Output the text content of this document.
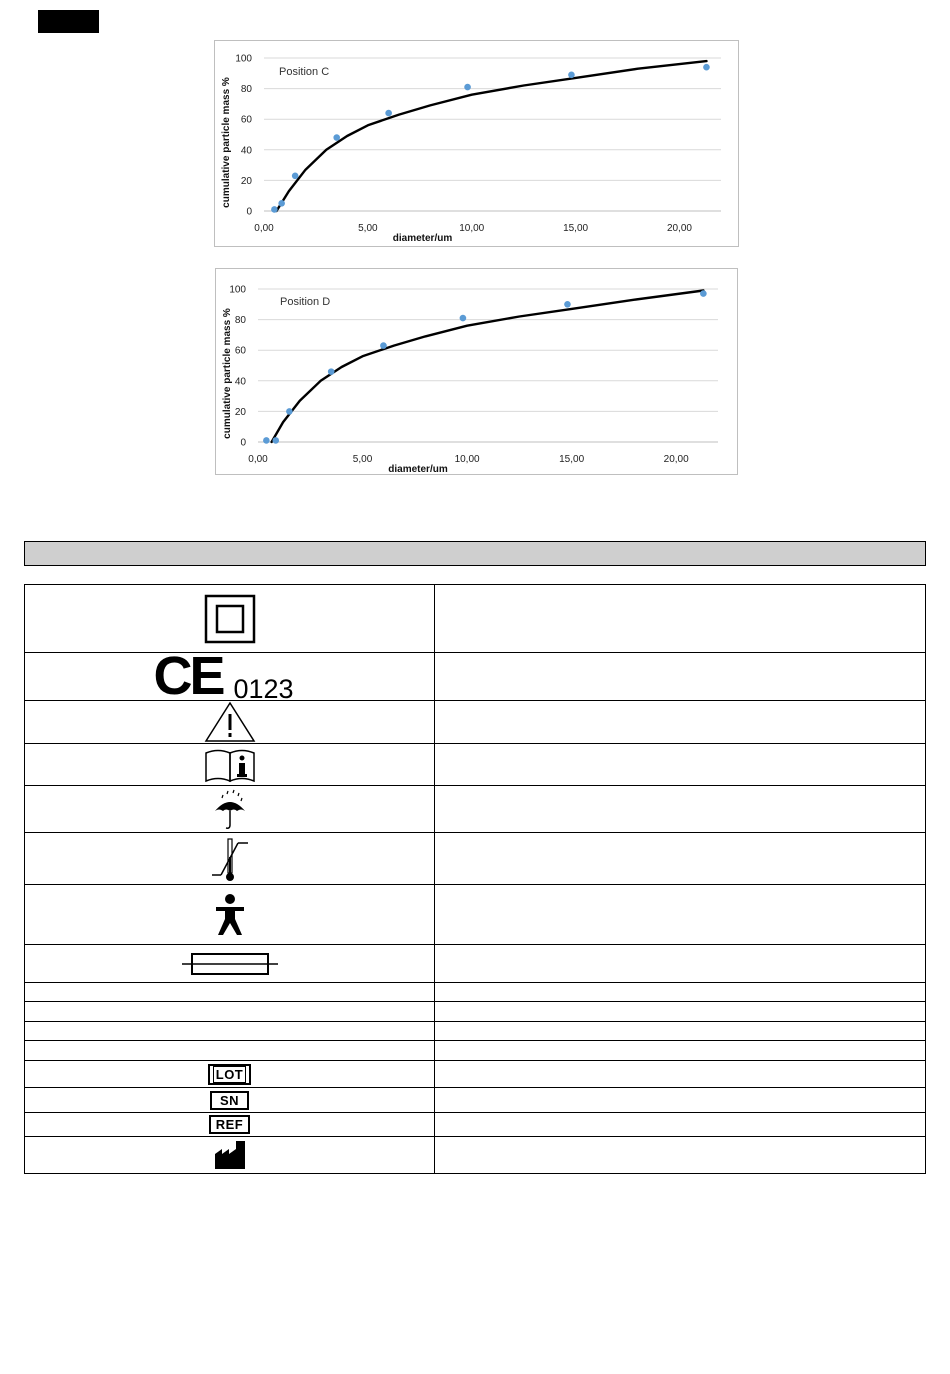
0
20
40
60
80
100
0,00	5,00	10,00	15,00	20,00
diameter/um
cumulative particle mass %
Position C
0
20
40
60
80
100
0,00	5,00	10,00	15,00	20,00
diameter/um
cumulative particle mass %
Position D

CE 0123	

LOT	
SN	
REF	
